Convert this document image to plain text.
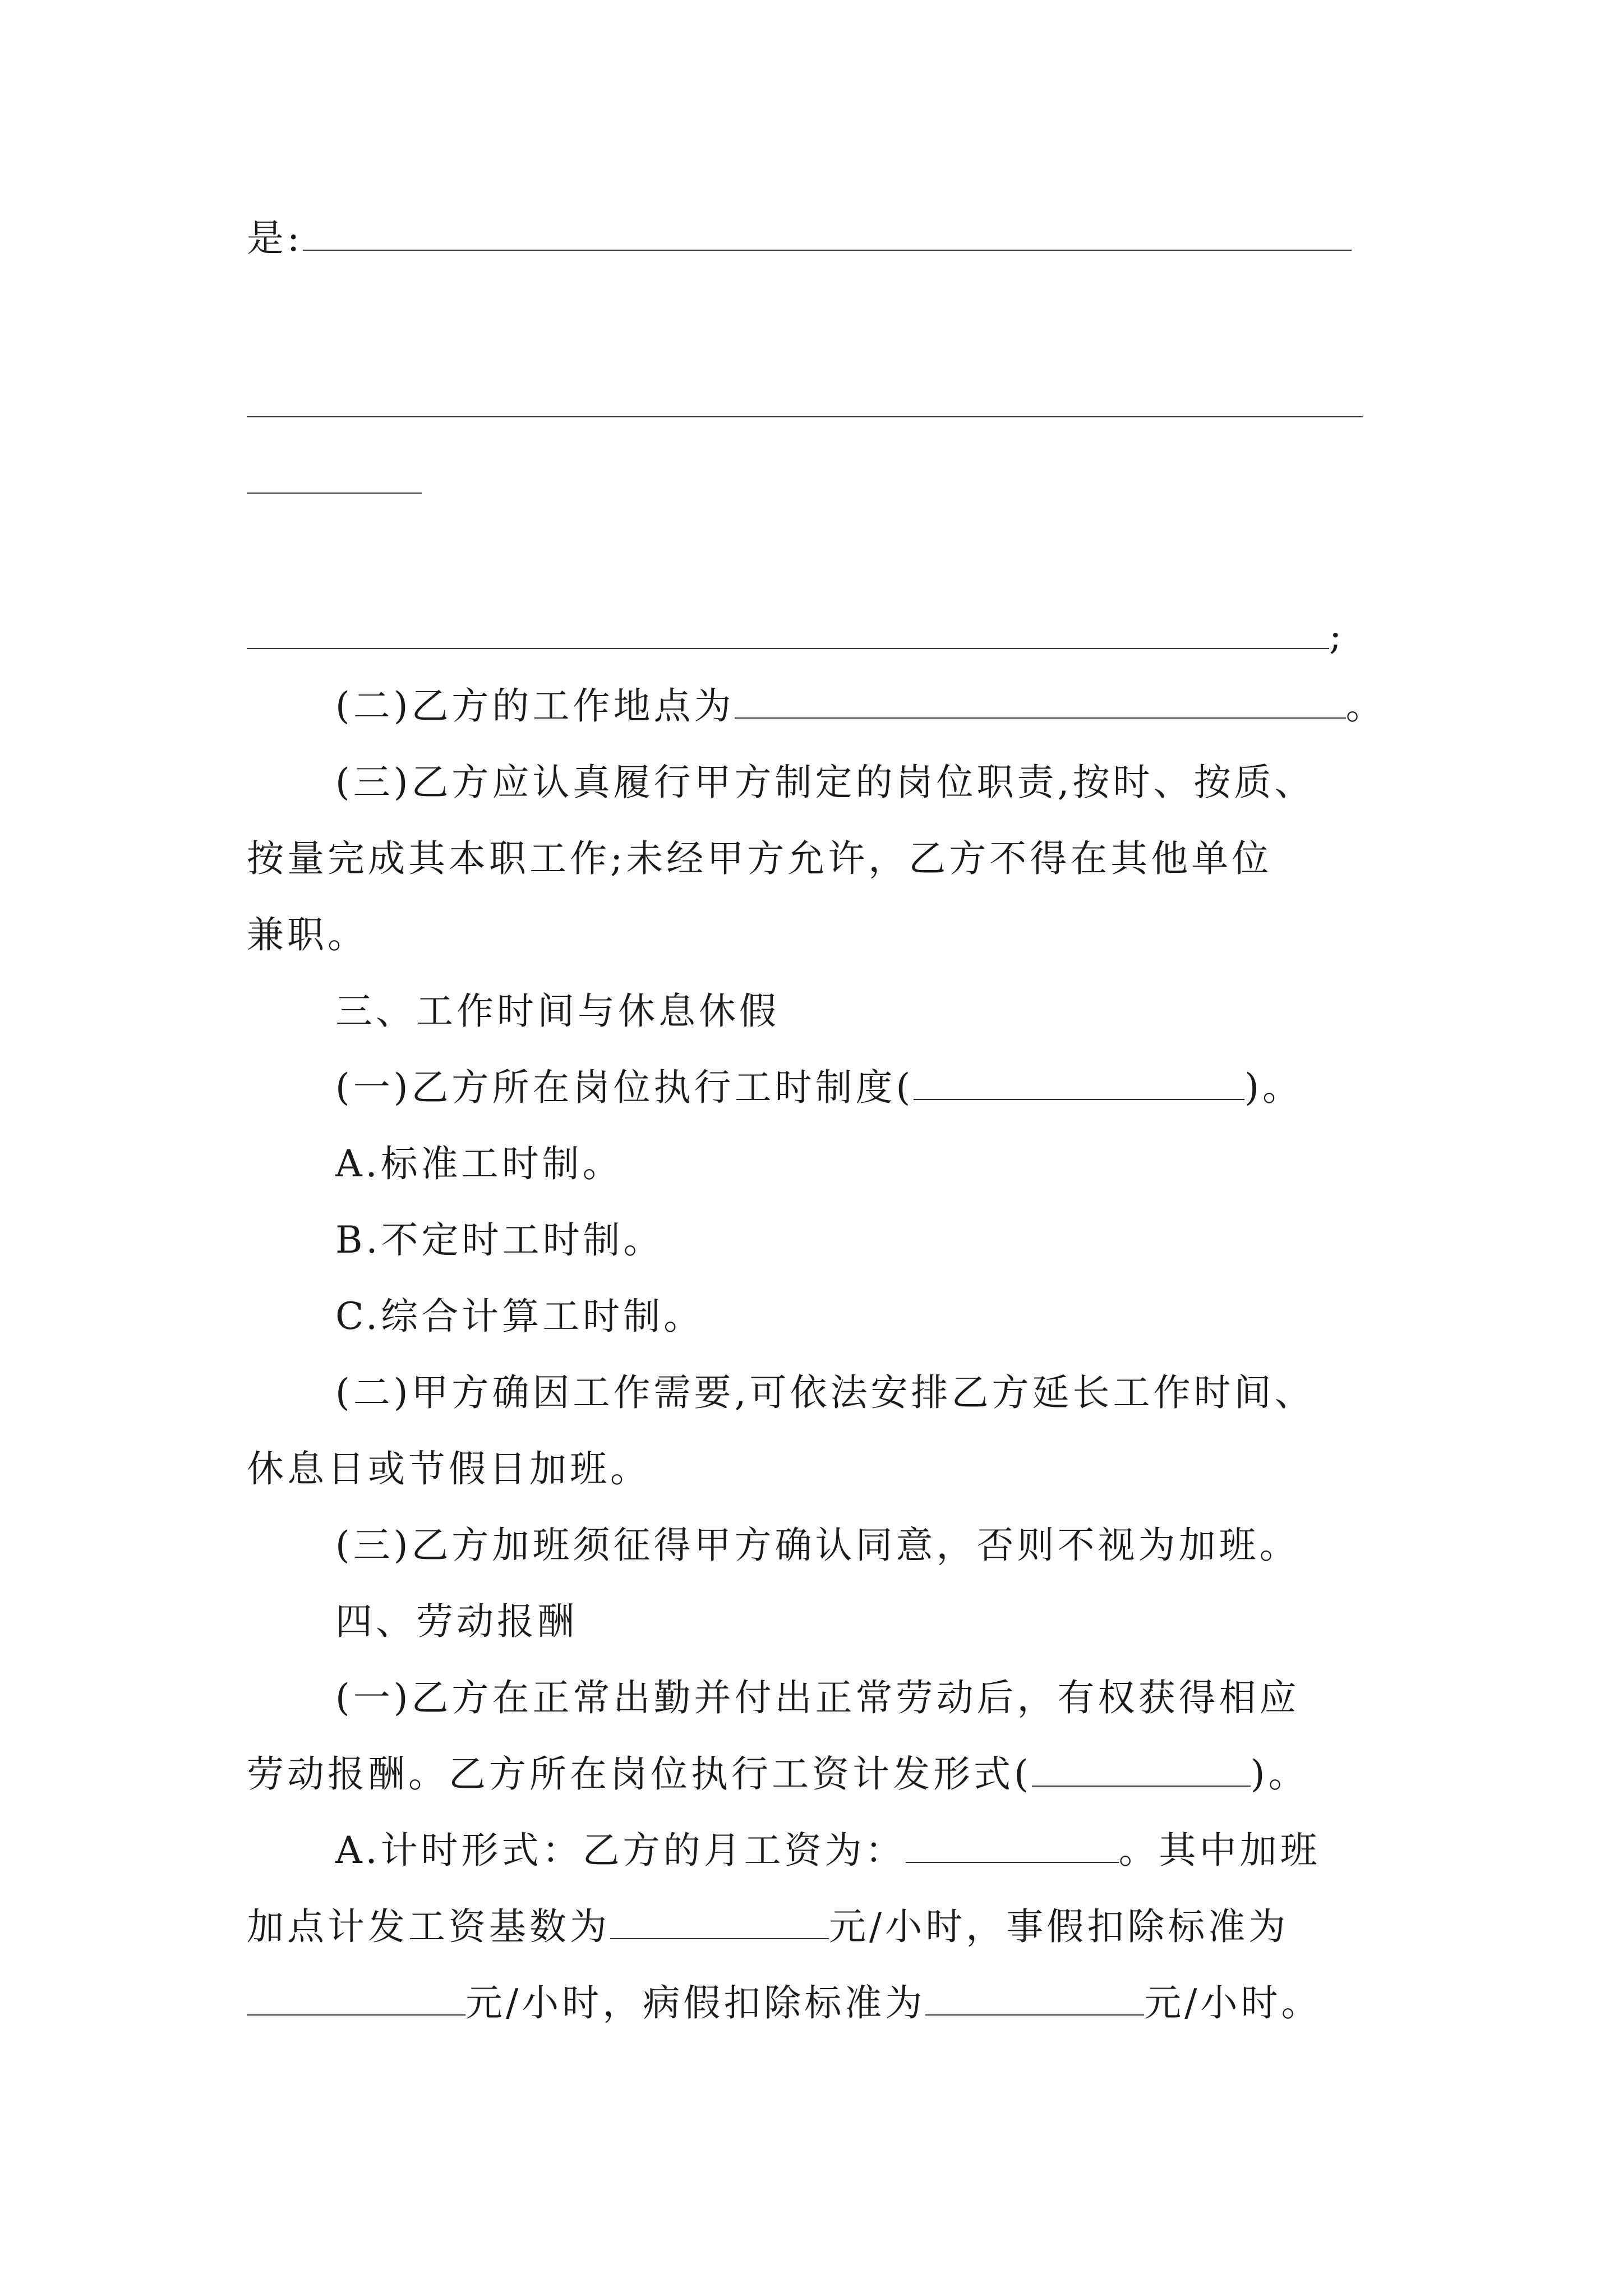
是:
;
(二)乙方的工作地点为	。
(三)乙方应认真履行甲方制定的岗位职责,按时、按质、
按量完成其本职工作;未经甲方允许，乙方不得在其他单位
兼职。
三、工作时间与休息休假
(一)乙方所在岗位执行工时制度(	)。
A.标准工时制。
B.不定时工时制。
C.综合计算工时制。
(二)甲方确因工作需要,可依法安排乙方延长工作时间、
休息日或节假日加班。
(三)乙方加班须征得甲方确认同意，否则不视为加班。
四、劳动报酬
(一)乙方在正常出勤并付出正常劳动后，有权获得相应
劳动报酬。乙方所在岗位执行工资计发形式(	)。
A.计时形式：乙方的月工资为：	。其中加班
加点计发工资基数为	元/小时，事假扣除标准为
元/小时，病假扣除标准为	元/小时。
